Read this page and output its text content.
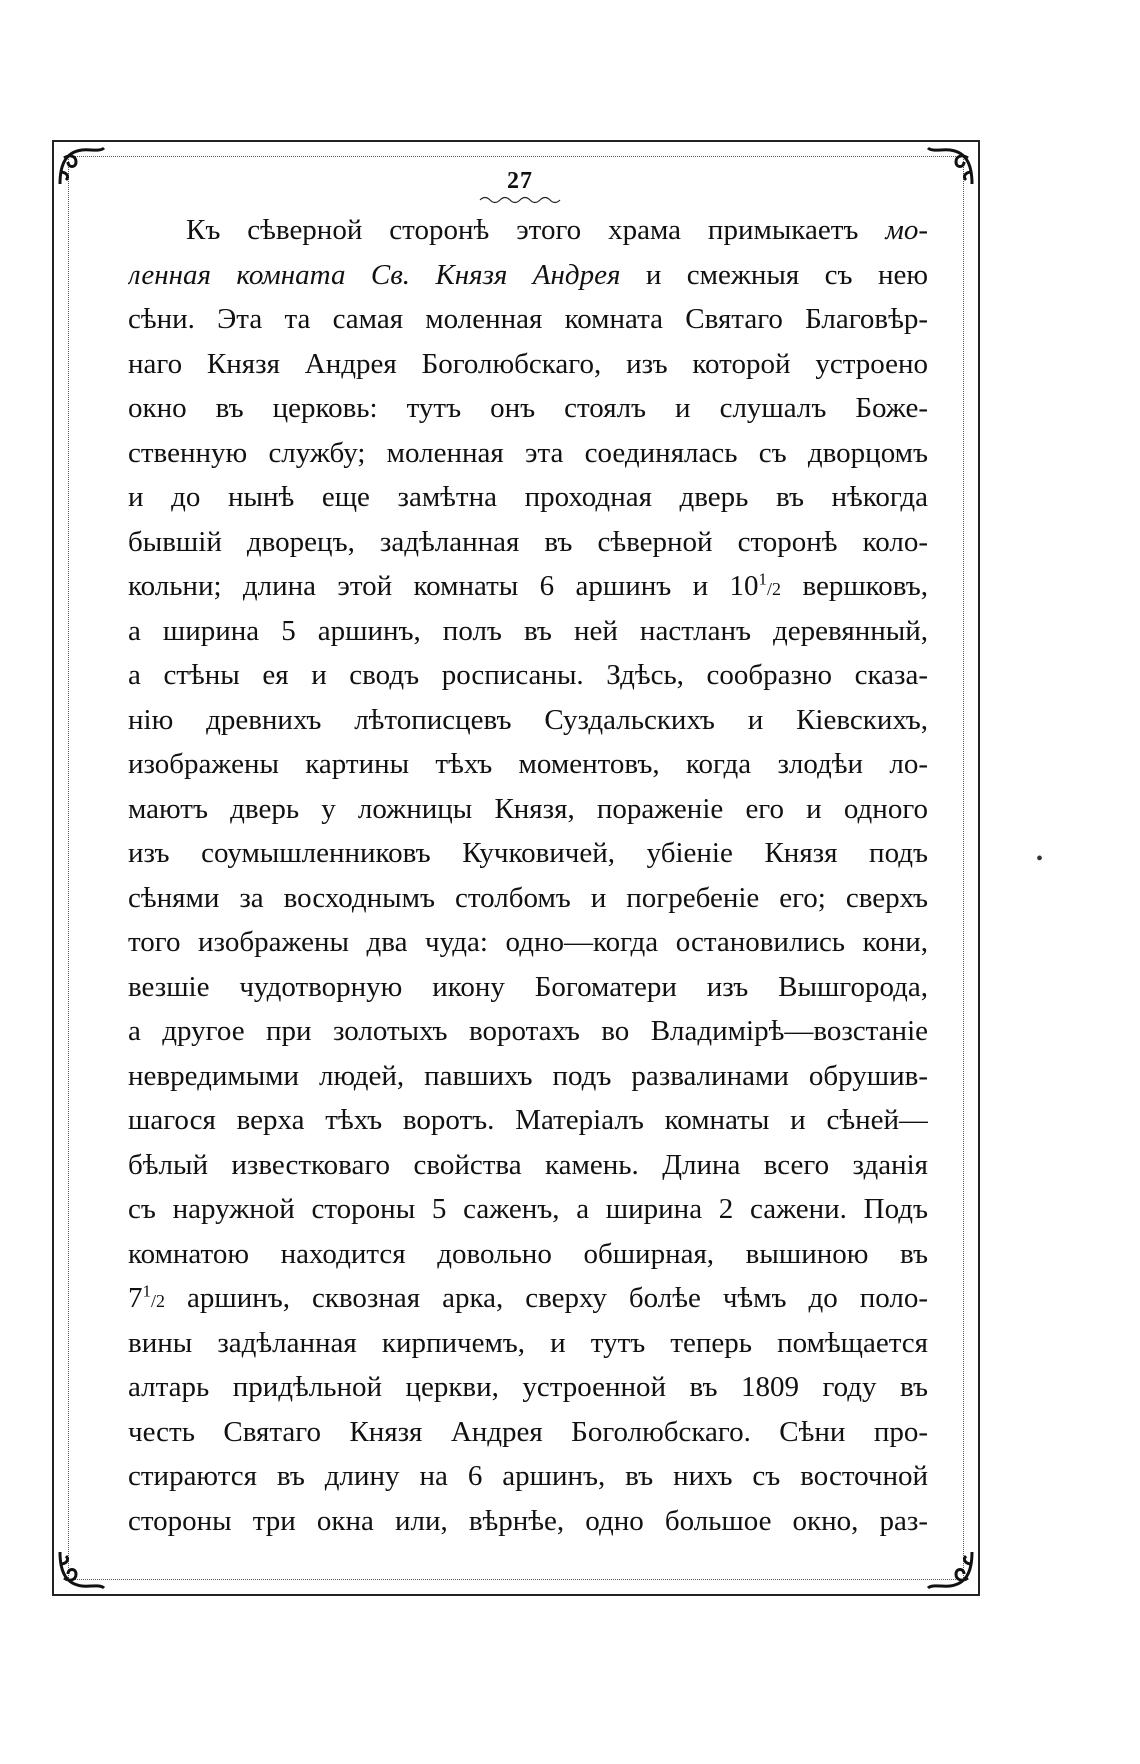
27
Къ сѣверной сторонѣ этого храма примыкаетъ мо-
ленная комната Св. Князя Андрея и смежныя съ нею
сѣни. Эта та самая моленная комната Святаго Благовѣр-
наго Князя Андрея Боголюбскаго, изъ которой устроено
окно въ церковь: тутъ онъ стоялъ и слушалъ Боже-
ственную службу; моленная эта соединялась съ дворцомъ
и до нынѣ еще замѣтна проходная дверь въ нѣкогда
бывшій дворецъ, задѣланная въ сѣверной сторонѣ коло-
кольни; длина этой комнаты 6 аршинъ и $10^1/2$ вершковъ,
а ширина 5 аршинъ, полъ въ ней настланъ деревянный,
а стѣны ея и сводъ росписаны. Здѣсь, сообразно сказа-
нію древнихъ лѣтописцевъ Суздальскихъ и Кіевскихъ,
изображены картины тѣхъ моментовъ, когда злодѣи ло-
маютъ дверь у ложницы Князя, пораженіе его и одного
изъ соумышленниковъ Кучковичей, убіеніе Князя подъ
сѣнями за восходнымъ столбомъ и погребеніе его; сверхъ
того изображены два чуда: одно—когда остановились кони,
везшіе чудотворную икону Богоматери изъ Вышгорода,
а другое при золотыхъ воротахъ во Владимірѣ—возстаніе
невредимыми людей, павшихъ подъ развалинами обрушив-
шагося верха тѣхъ воротъ. Матеріалъ комнаты и сѣней—
бѣлый известковаго свойства камень. Длина всего зданія
съ наружной стороны 5 саженъ, а ширина 2 сажени. Подъ
комнатою находится довольно обширная, вышиною въ
$7^1/2$ аршинъ, сквозная арка, сверху болѣе чѣмъ до поло-
вины задѣланная кирпичемъ, и тутъ теперь помѣщается
алтарь придѣльной церкви, устроенной въ 1809 году въ
честь Святаго Князя Андрея Боголюбскаго. Сѣни про-
стираются въ длину на 6 аршинъ, въ нихъ съ восточной
стороны три окна или, вѣрнѣе, одно большое окно, раз-
•
